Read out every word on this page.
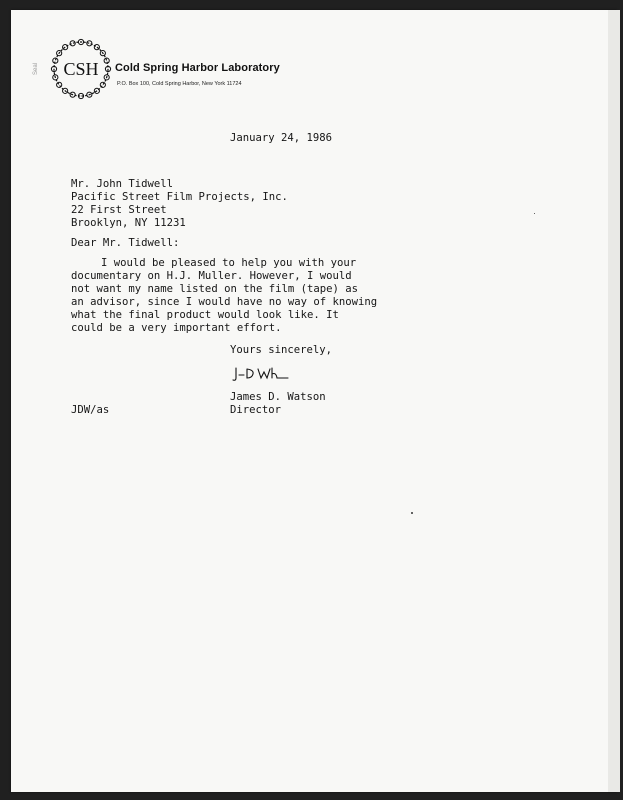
CSH
Seal	Cold Spring Harbor Laboratory
P.O. Box 100, Cold Spring Harbor, New York 11724
January 24, 1986
Mr. John Tidwell
Pacific Street Film Projects, Inc.
22 First Street
Brooklyn, NY 11231
Dear Mr. Tidwell:
I would be pleased to help you with your
documentary on H.J. Muller. However, I would
not want my name listed on the film (tape) as
an advisor, since I would have no way of knowing
what the final product would look like. It
could be a very important effort.
Yours sincerely,
James D. Watson
JDW/as	Director
